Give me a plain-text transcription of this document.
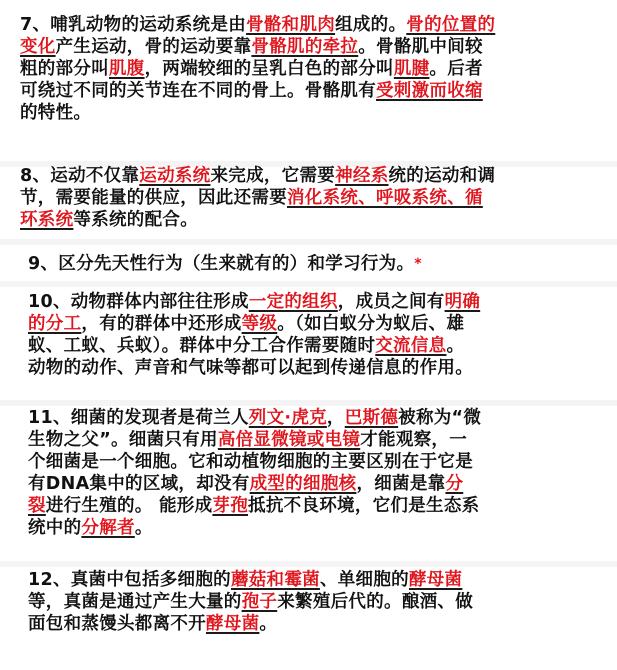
7、哺乳动物的运动系统是由骨骼和肌肉组成的。骨的位置的
变化产生运动，骨的运动要靠骨骼肌的牵拉。骨骼肌中间较
粗的部分叫肌腹，两端较细的呈乳白色的部分叫肌腱。后者
可绕过不同的关节连在不同的骨上。骨骼肌有受刺激而收缩
的特性。
8、运动不仅靠运动系统来完成，它需要神经系统的运动和调
节，需要能量的供应，因此还需要消化系统、呼吸系统、循
环系统等系统的配合。
9、区分先天性行为（生来就有的）和学习行为。*
10、动物群体内部往往形成一定的组织，成员之间有明确
的分工，有的群体中还形成等级。（如白蚁分为蚁后、雄
蚁、工蚁、兵蚁）。群体中分工合作需要随时交流信息。
动物的动作、声音和气味等都可以起到传递信息的作用。
11、细菌的发现者是荷兰人列文·虎克，巴斯德被称为“微
生物之父”。细菌只有用高倍显微镜或电镜才能观察，一
个细菌是一个细胞。它和动植物细胞的主要区别在于它是
有DNA集中的区域，却没有成型的细胞核，细菌是靠分
裂进行生殖的。 能形成芽孢抵抗不良环境，它们是生态系
统中的分解者。
12、真菌中包括多细胞的蘑菇和霉菌、单细胞的酵母菌
等，真菌是通过产生大量的孢子来繁殖后代的。酿酒、做
面包和蒸馒头都离不开酵母菌。
